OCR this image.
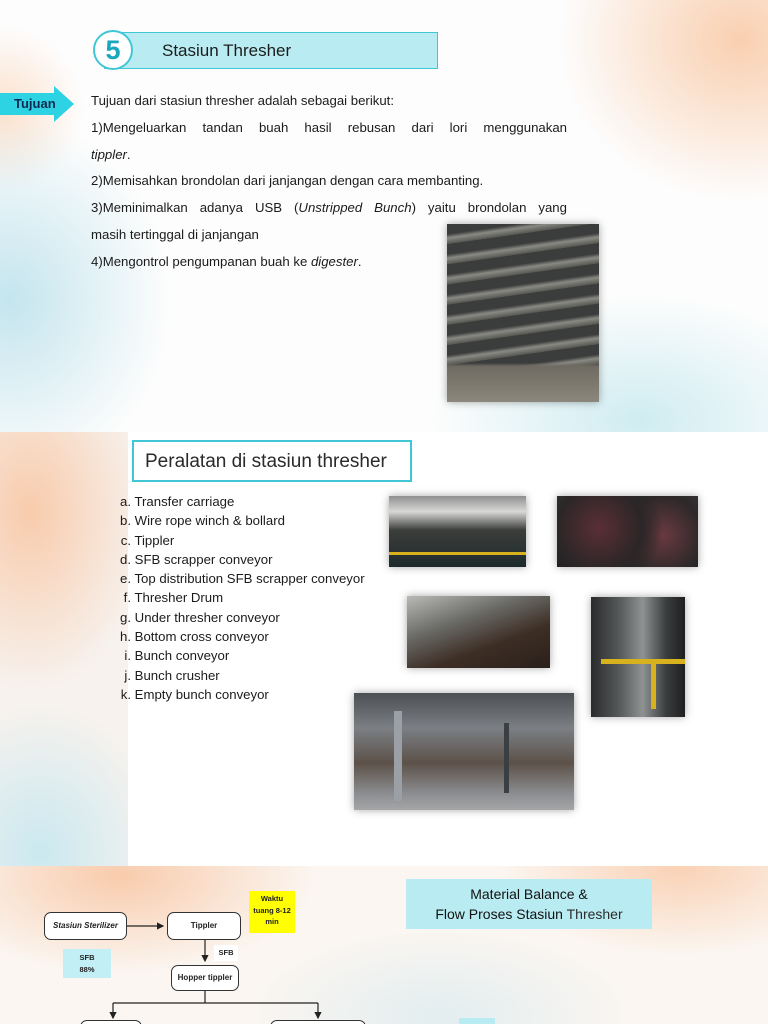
5	Stasiun Thresher
Tujuan	Tujuan dari stasiun thresher adalah sebagai berikut:

1)Mengeluarkan tandan buah hasil rebusan dari lori menggunakan

tippler.

2)Memisahkan brondolan dari janjangan dengan cara membanting.

3)Meminimalkan adanya USB (Unstripped Bunch) yaitu brondolan yang

masih tertinggal di janjangan

4)Mengontrol pengumpanan buah ke digester.

Peralatan di stasiun thresher
a. Transfer carriage
b. Wire rope winch & bollard
c. Tippler
d. SFB scrapper conveyor
e. Top distribution SFB scrapper conveyor
f. Thresher Drum
g. Under thresher conveyor
h. Bottom cross conveyor
i. Bunch conveyor
j. Bunch crusher
k. Empty bunch conveyor
Material Balance &
Flow Proses Stasiun Thresher
Stasiun Sterilizer	Tippler
Hopper tippler
Waktu
tuang 8-12
min
SFB
88%
SFB
